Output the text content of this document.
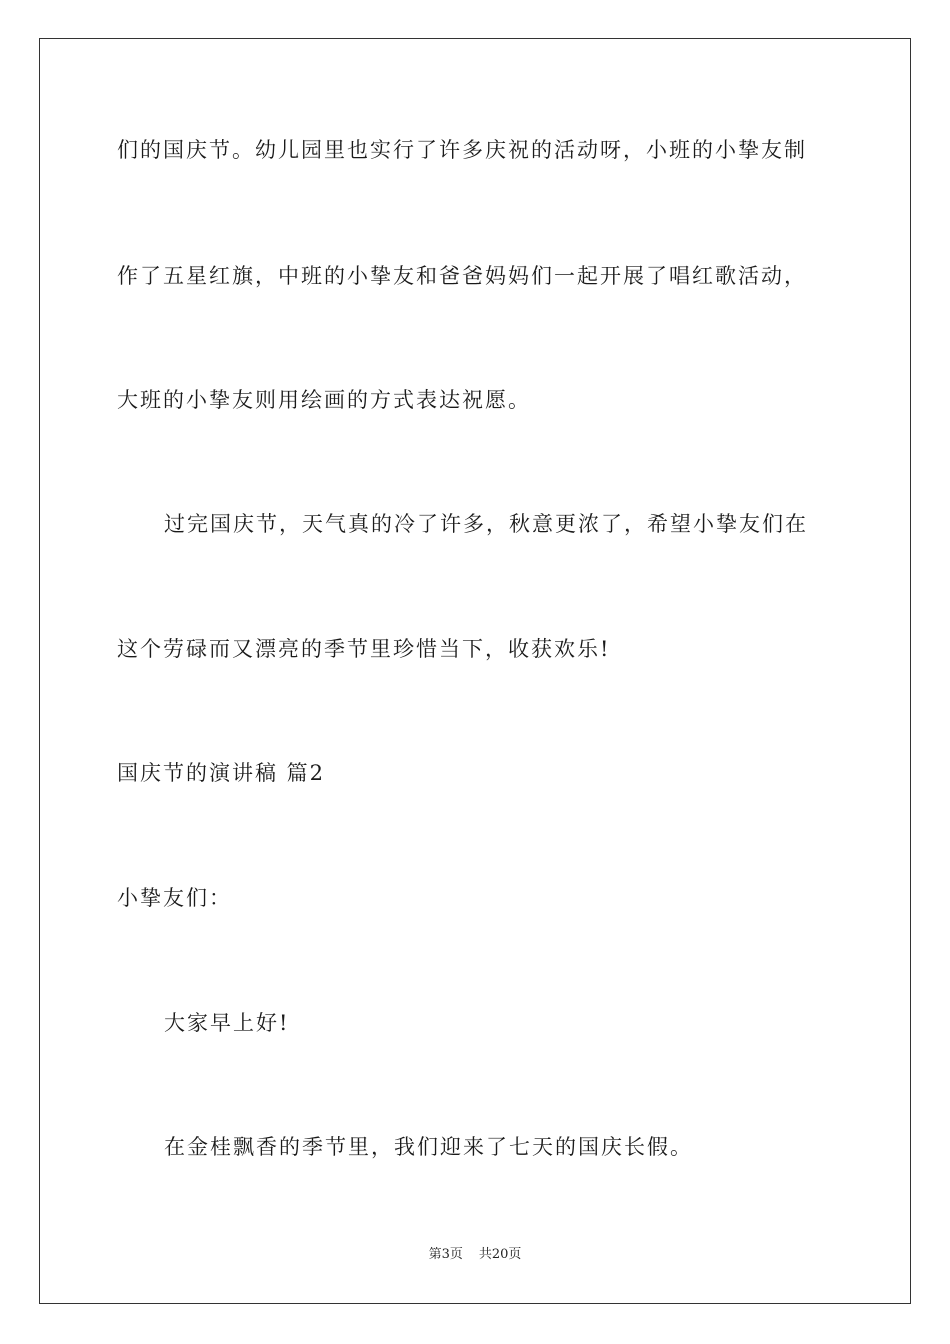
们的国庆节。幼儿园里也实行了许多庆祝的活动呀，小班的小挚友制
作了五星红旗，中班的小挚友和爸爸妈妈们一起开展了唱红歌活动，
大班的小挚友则用绘画的方式表达祝愿。
过完国庆节，天气真的冷了许多，秋意更浓了，希望小挚友们在
这个劳碌而又漂亮的季节里珍惜当下，收获欢乐!
国庆节的演讲稿 篇2
小挚友们：
大家早上好!
在金桂飘香的季节里，我们迎来了七天的国庆长假。
第3页 共20页
